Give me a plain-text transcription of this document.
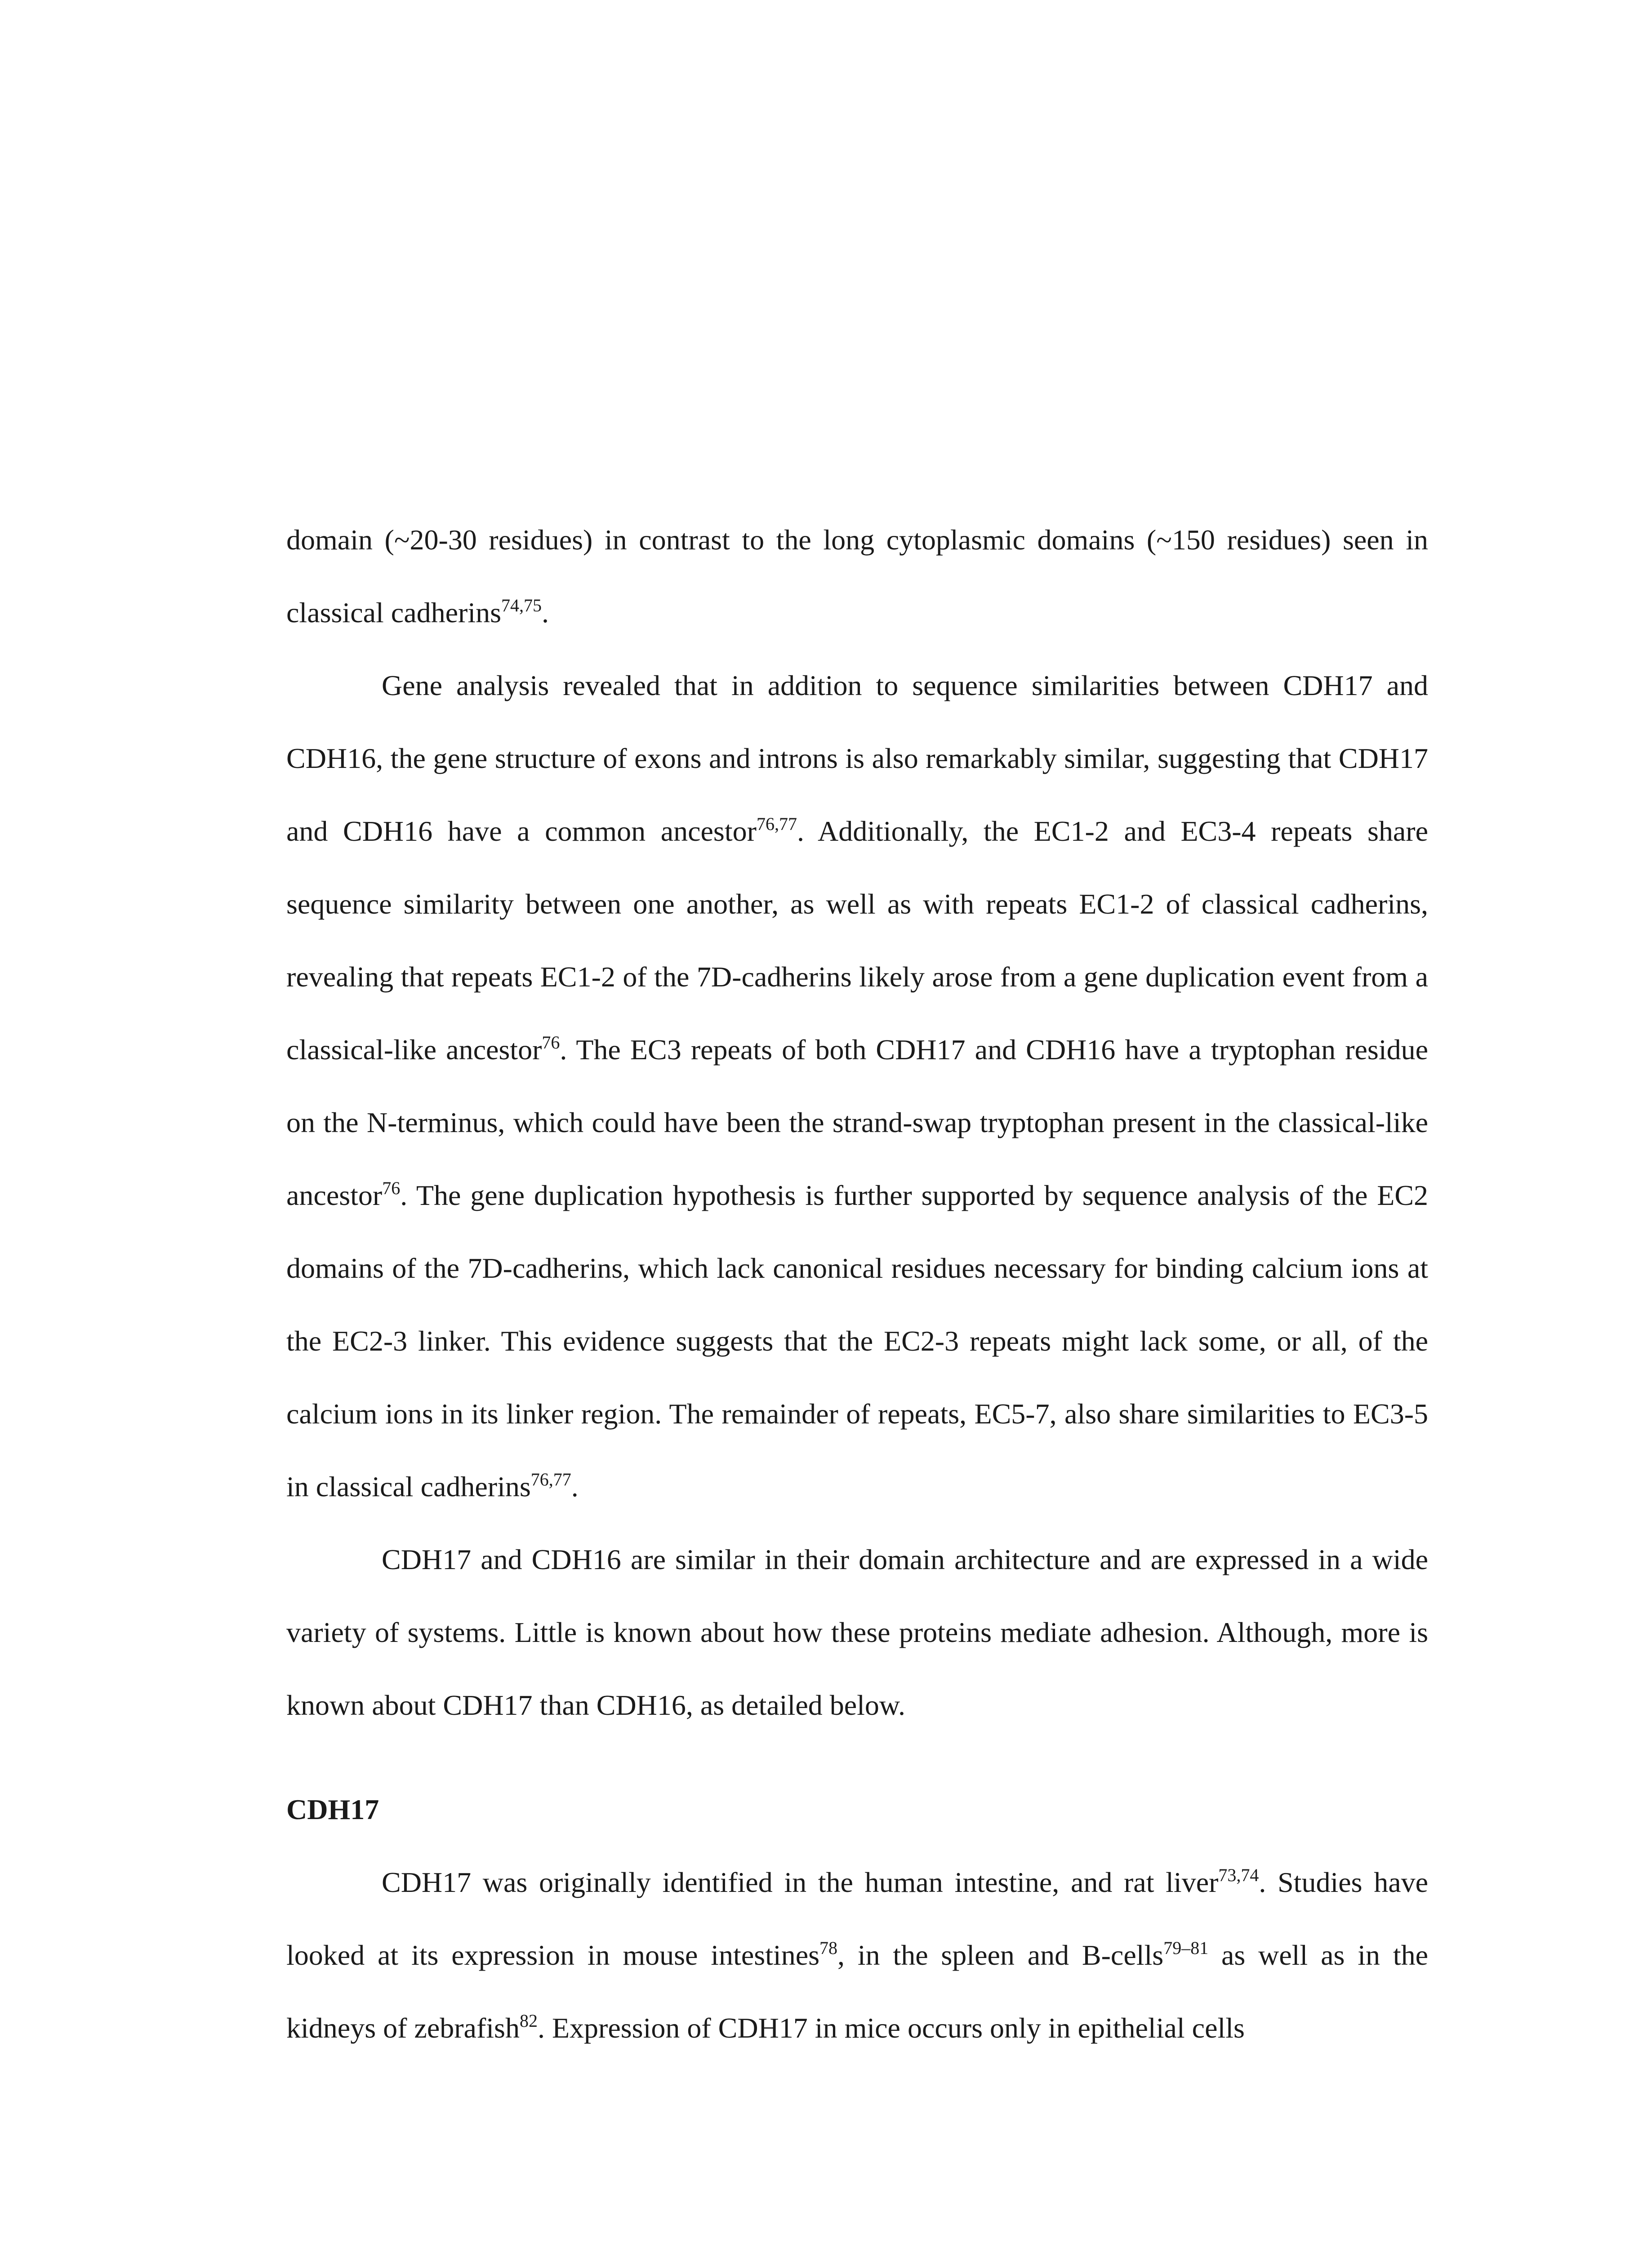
domain (~20-30 residues) in contrast to the long cytoplasmic domains (~150 residues) seen in classical cadherins$^{74,75}$.

Gene analysis revealed that in addition to sequence similarities between CDH17 and CDH16, the gene structure of exons and introns is also remarkably similar, suggesting that CDH17 and CDH16 have a common ancestor$^{76,77}$. Additionally, the EC1-2 and EC3-4 repeats share sequence similarity between one another, as well as with repeats EC1-2 of classical cadherins, revealing that repeats EC1-2 of the 7D-cadherins likely arose from a gene duplication event from a classical-like ancestor$^{76}$. The EC3 repeats of both CDH17 and CDH16 have a tryptophan residue on the N-terminus, which could have been the strand-swap tryptophan present in the classical-like ancestor$^{76}$. The gene duplication hypothesis is further supported by sequence analysis of the EC2 domains of the 7D-cadherins, which lack canonical residues necessary for binding calcium ions at the EC2-3 linker. This evidence suggests that the EC2-3 repeats might lack some, or all, of the calcium ions in its linker region. The remainder of repeats, EC5-7, also share similarities to EC3-5 in classical cadherins$^{76,77}$.

CDH17 and CDH16 are similar in their domain architecture and are expressed in a wide variety of systems. Little is known about how these proteins mediate adhesion. Although, more is known about CDH17 than CDH16, as detailed below.

CDH17

CDH17 was originally identified in the human intestine, and rat liver$^{73,74}$. Studies have looked at its expression in mouse intestines$^{78}$, in the spleen and B-cells$^{79-81}$ as well as in the kidneys of zebrafish$^{82}$. Expression of CDH17 in mice occurs only in epithelial cells
